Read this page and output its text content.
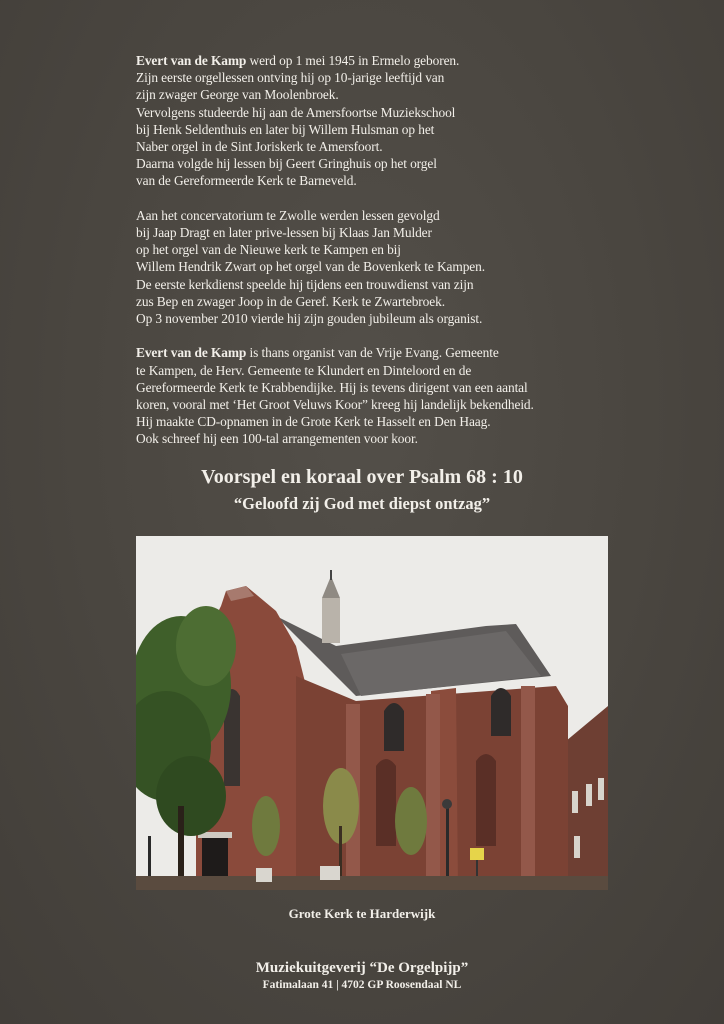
Evert van de Kamp werd op 1 mei 1945 in Ermelo geboren.
Zijn eerste orgellessen ontving hij op 10-jarige leeftijd van
zijn zwager George van Moolenbroek.
Vervolgens studeerde hij aan de Amersfoortse Muziekschool
bij Henk Seldenthuis en later bij Willem Hulsman op het
Naber orgel in de Sint Joriskerk te Amersfoort.
Daarna volgde hij lessen bij Geert Gringhuis op het orgel
van de Gereformeerde Kerk te Barneveld.
Aan het concervatorium te Zwolle werden lessen gevolgd
bij Jaap Dragt en later prive-lessen bij Klaas Jan Mulder
op het orgel van de Nieuwe kerk te Kampen en bij
Willem Hendrik Zwart op het orgel van de Bovenkerk te Kampen.
De eerste kerkdienst speelde hij tijdens een trouwdienst van zijn
zus Bep en zwager Joop in de Geref. Kerk te Zwartebroek.
Op 3 november 2010 vierde hij zijn gouden jubileum als organist.
Evert van de Kamp is thans organist van de Vrije Evang. Gemeente
te Kampen, de Herv. Gemeente te Klundert en Dinteloord en de
Gereformeerde Kerk te Krabbendijke. Hij is tevens dirigent van een aantal
koren, vooral met ‘Het Groot Veluws Koor” kreeg hij landelijk bekendheid.
Hij maakte CD-opnamen in de Grote Kerk te Hasselt en Den Haag.
Ook schreef hij een 100-tal arrangementen voor koor.
Voorspel en koraal over Psalm 68 : 10
“Geloofd zij God met diepst ontzag”
Grote Kerk te Harderwijk
Muziekuitgeverij “De Orgelpijp”
Fatimalaan 41 | 4702 GP Roosendaal NL
